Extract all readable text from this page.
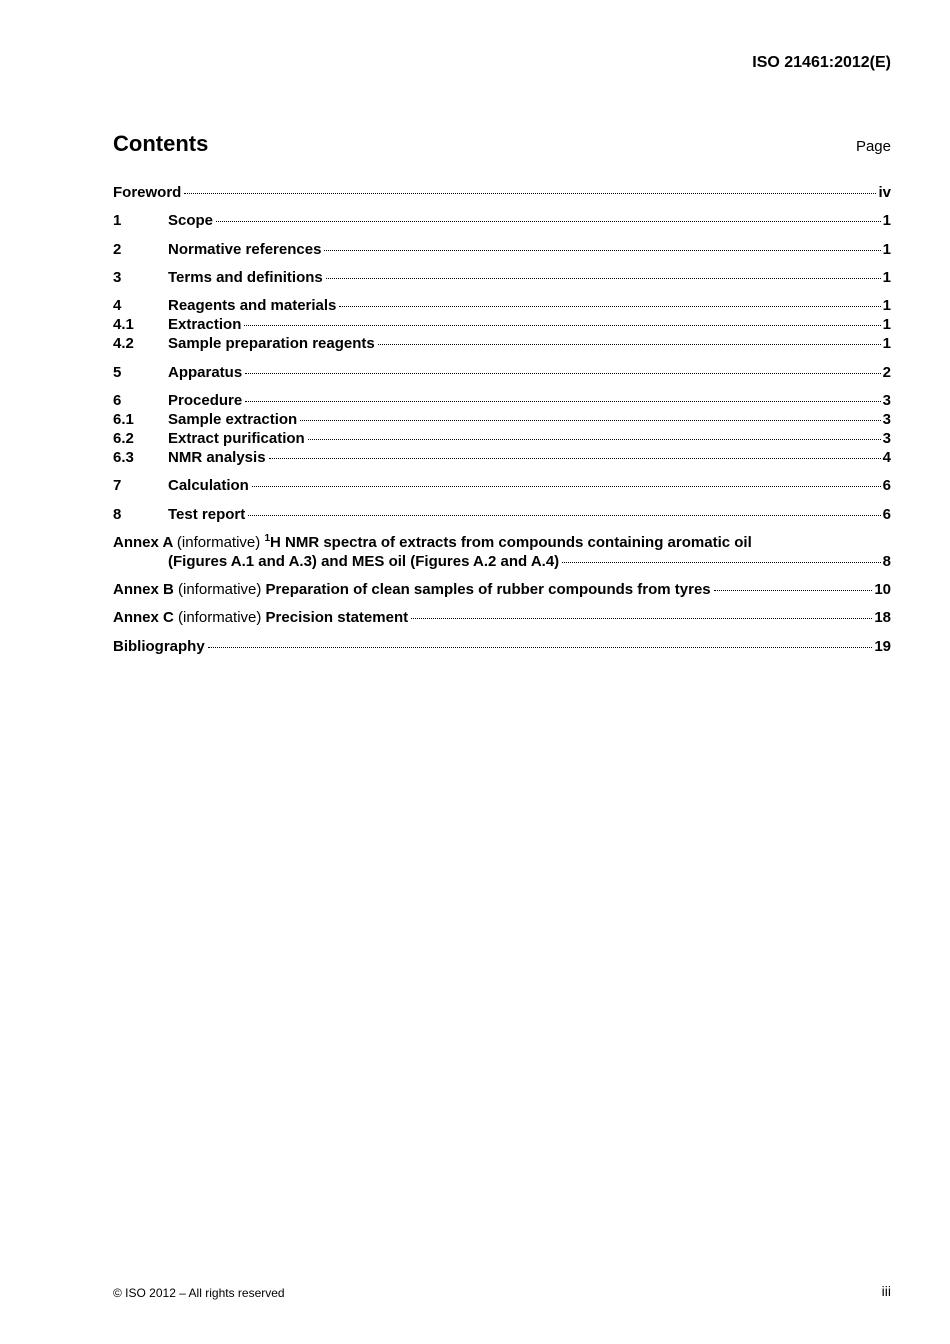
ISO 21461:2012(E)
Contents	Page
Foreword	iv
1	Scope	1
2	Normative references	1
3	Terms and definitions	1
4	Reagents and materials	1
4.1	Extraction	1
4.2	Sample preparation reagents	1
5	Apparatus	2
6	Procedure	3
6.1	Sample extraction	3
6.2	Extract purification	3
6.3	NMR analysis	4
7	Calculation	6
8	Test report	6
Annex A (informative) $^1$H NMR spectra of extracts from compounds containing aromatic oil
(Figures A.1 and A.3) and MES oil (Figures A.2 and A.4)	8
Annex B (informative) Preparation of clean samples of rubber compounds from tyres	10
Annex C (informative) Precision statement	18
Bibliography	19
© ISO 2012 – All rights reserved	iii
